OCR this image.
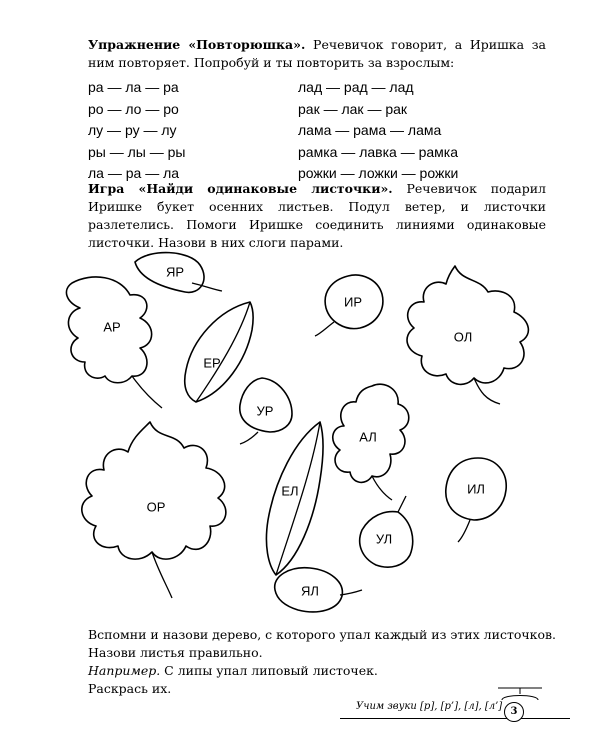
Упражнение «Повторюшка». Речевичок говорит, а Иришка за ним повторяет. Попробуй и ты повторить за взрослым:
ра — ла — ра
ро — ло — ро
лу — ру — лу
ры — лы — ры
ла — ра — ла
лад — рад — лад
рак — лак — рак
лама — рама — лама
рамка — лавка — рамка
рожки — ложки — рожки
Игра «Найди одинаковые листочки». Речевичок подарил Иришке букет осенних листьев. Подул ветер, и листочки разлетелись. Помоги Иришке соединить линиями одинаковые листочки. Назови в них слоги парами.
ЯР
АР
ЕР
УР
ИР
ОЛ
АЛ
ОР
ЕЛ	ИЛ
УЛ
ЯЛ
Вспомни и назови дерево, с которого упал каждый из этих листочков. Назови листья правильно.
Например. С липы упал липовый листочек.
Раскрась их.
Учим звуки [р], [р’], [л], [л’] 3
